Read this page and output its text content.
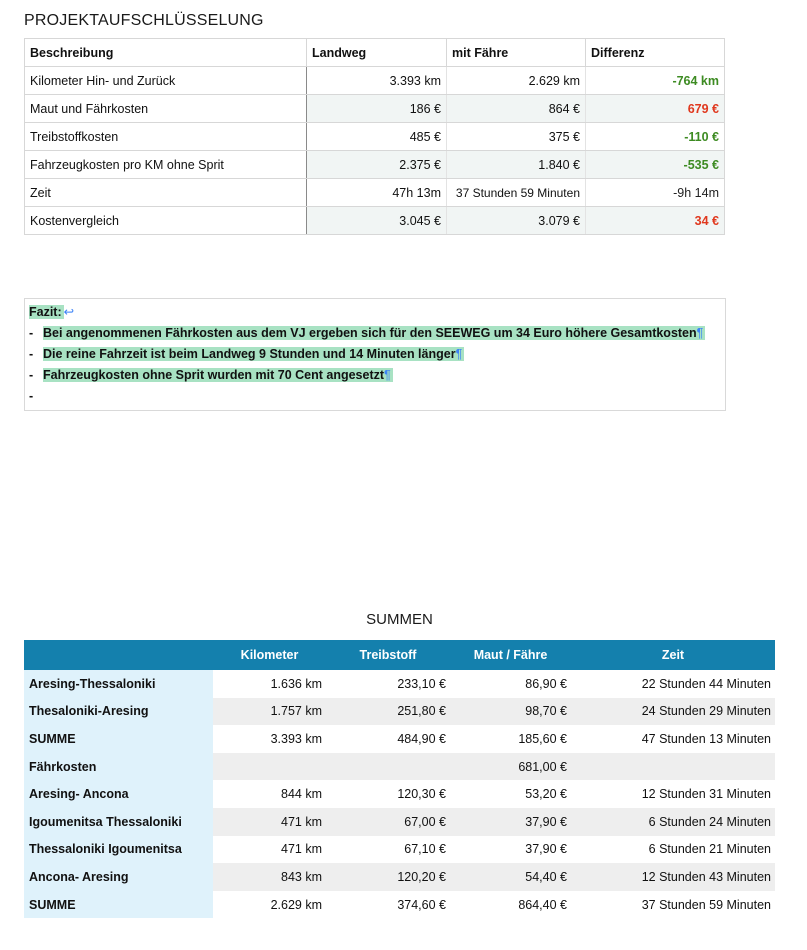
PROJEKTAUFSCHLÜSSELUNG
Beschreibung	Landweg	mit Fähre	Differenz
Kilometer Hin- und Zurück	3.393 km	2.629 km	-764 km
Maut und Fährkosten	186 €	864 €	679 €
Treibstoffkosten	485 €	375 €	-110 €
Fahrzeugkosten pro KM ohne Sprit	2.375 €	1.840 €	-535 €
Zeit	47h 13m	37 Stunden 59 Minuten	-9h 14m
Kostenvergleich	3.045 €	3.079 €	34 €
Fazit: ↩
- Bei angenommenen Fährkosten aus dem VJ ergeben sich für den SEEWEG um 34 Euro höhere Gesamtkosten¶
- Die reine Fahrzeit ist beim Landweg 9 Stunden und 14 Minuten länger¶
- Fahrzeugkosten ohne Sprit wurden mit 70 Cent angesetzt¶
-
SUMMEN
	Kilometer	Treibstoff	Maut / Fähre	Zeit
Aresing-Thessaloniki	1.636 km	233,10 €	86,90 €	22 Stunden 44 Minuten
Thesaloniki-Aresing	1.757 km	251,80 €	98,70 €	24 Stunden 29 Minuten
SUMME	3.393 km	484,90 €	185,60 €	47 Stunden 13 Minuten
Fährkosten			681,00 €	
Aresing- Ancona	844 km	120,30 €	53,20 €	12 Stunden 31 Minuten
Igoumenitsa Thessaloniki	471 km	67,00 €	37,90 €	6 Stunden 24 Minuten
Thessaloniki Igoumenitsa	471 km	67,10 €	37,90 €	6 Stunden 21 Minuten
Ancona- Aresing	843 km	120,20 €	54,40 €	12 Stunden 43 Minuten
SUMME	2.629 km	374,60 €	864,40 €	37 Stunden 59 Minuten
